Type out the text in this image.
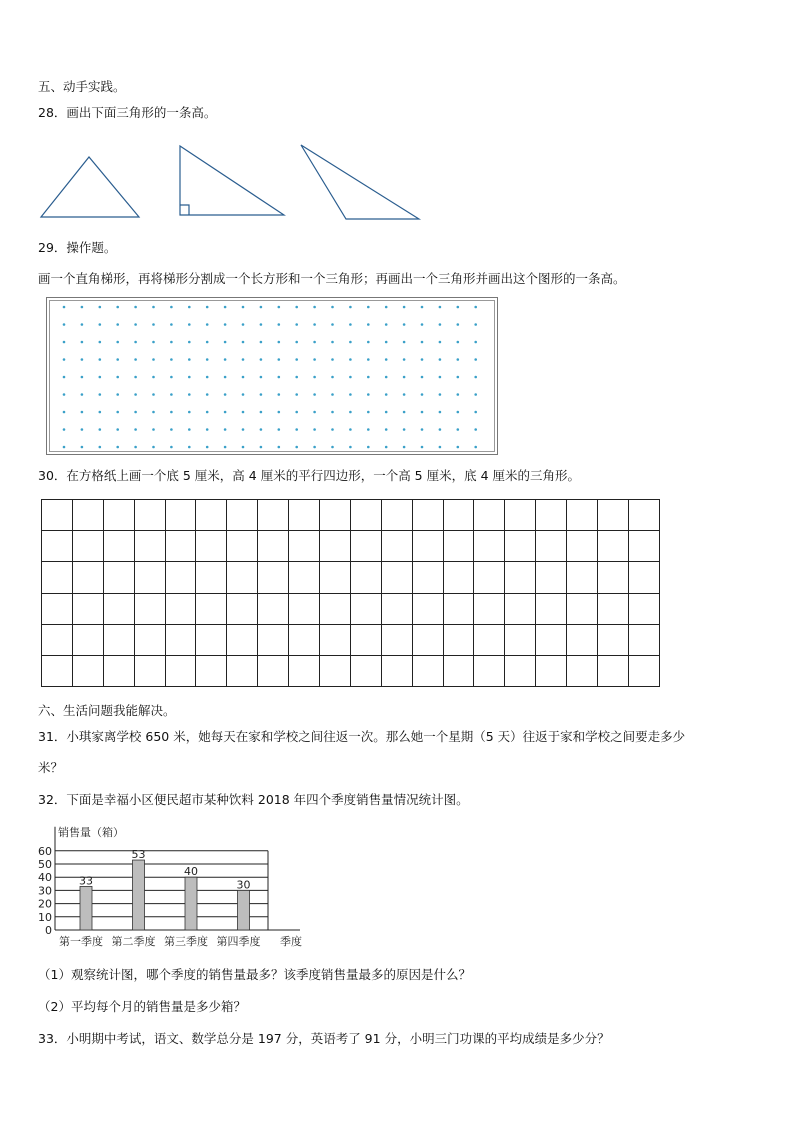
五、动手实践。
28．画出下面三角形的一条高。
29．操作题。
画一个直角梯形，再将梯形分割成一个长方形和一个三角形；再画出一个三角形并画出这个图形的一条高。
30．在方格纸上画一个底 5 厘米，高 4 厘米的平行四边形，一个高 5 厘米，底 4 厘米的三角形。

六、生活问题我能解决。
31．小琪家离学校 650 米，她每天在家和学校之间往返一次。那么她一个星期（5 天）往返于家和学校之间要走多少
米？
32．下面是幸福小区便民超市某种饮料 2018 年四个季度销售量情况统计图。
销售量（箱）
0
10
20
30
40
50
60
33
第一季度
53
第二季度
40
第三季度
30
第四季度 季度
（1）观察统计图，哪个季度的销售量最多？该季度销售量最多的原因是什么？
（2）平均每个月的销售量是多少箱？
33．小明期中考试，语文、数学总分是 197 分，英语考了 91 分，小明三门功课的平均成绩是多少分？
